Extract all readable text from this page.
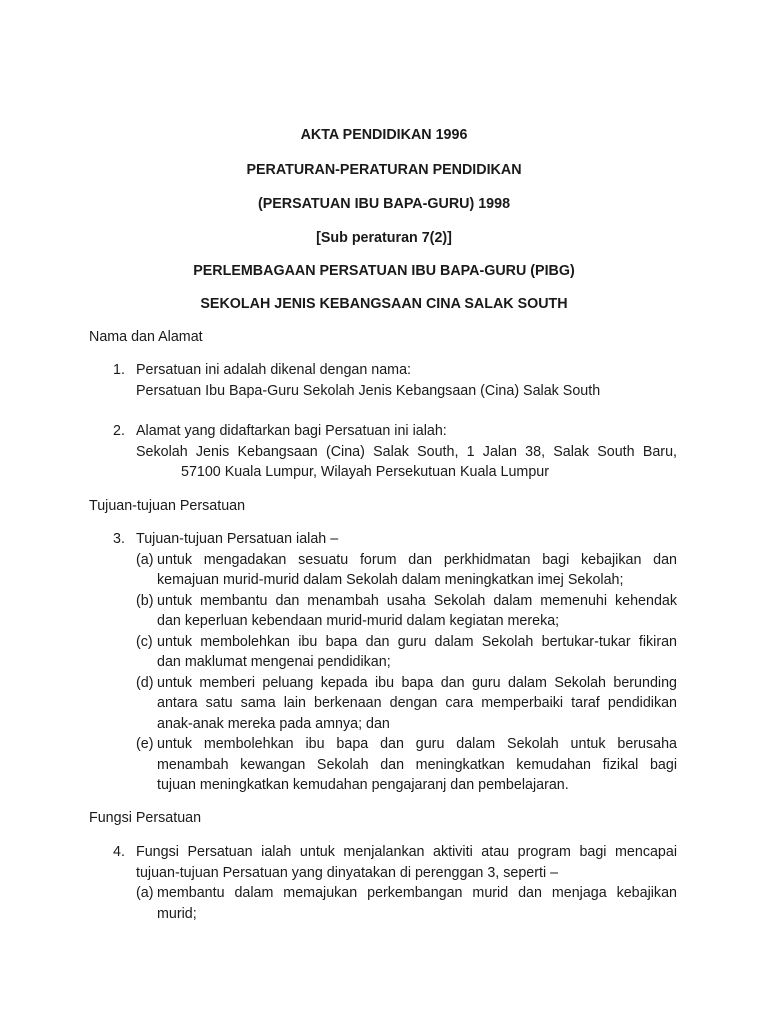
AKTA PENDIDIKAN 1996
PERATURAN-PERATURAN PENDIDIKAN
(PERSATUAN IBU BAPA-GURU) 1998
[Sub peraturan 7(2)]
PERLEMBAGAAN PERSATUAN IBU BAPA-GURU (PIBG)
SEKOLAH JENIS KEBANGSAAN CINA SALAK SOUTH
Nama dan Alamat
1. Persatuan ini adalah dikenal dengan nama:
Persatuan Ibu Bapa-Guru Sekolah Jenis Kebangsaan (Cina) Salak South
2. Alamat yang didaftarkan bagi Persatuan ini ialah:
Sekolah Jenis Kebangsaan (Cina) Salak South, 1 Jalan 38, Salak South Baru,
57100 Kuala Lumpur, Wilayah Persekutuan Kuala Lumpur
Tujuan-tujuan Persatuan
3. Tujuan-tujuan Persatuan ialah –
(a) untuk mengadakan sesuatu forum dan perkhidmatan bagi kebajikan dan
kemajuan murid-murid dalam Sekolah dalam meningkatkan imej Sekolah;
(b) untuk membantu dan menambah usaha Sekolah dalam memenuhi kehendak
dan keperluan kebendaan murid-murid dalam kegiatan mereka;
(c) untuk membolehkan ibu bapa dan guru dalam Sekolah bertukar-tukar fikiran
dan maklumat mengenai pendidikan;
(d) untuk memberi peluang kepada ibu bapa dan guru dalam Sekolah berunding
antara satu sama lain berkenaan dengan cara memperbaiki taraf pendidikan
anak-anak mereka pada amnya; dan
(e) untuk membolehkan ibu bapa dan guru dalam Sekolah untuk berusaha
menambah kewangan Sekolah dan meningkatkan kemudahan fizikal bagi
tujuan meningkatkan kemudahan pengajaranj dan pembelajaran.
Fungsi Persatuan
4. Fungsi Persatuan ialah untuk menjalankan aktiviti atau program bagi mencapai
tujuan-tujuan Persatuan yang dinyatakan di perenggan 3, seperti –
(a) membantu dalam memajukan perkembangan murid dan menjaga kebajikan
murid;
